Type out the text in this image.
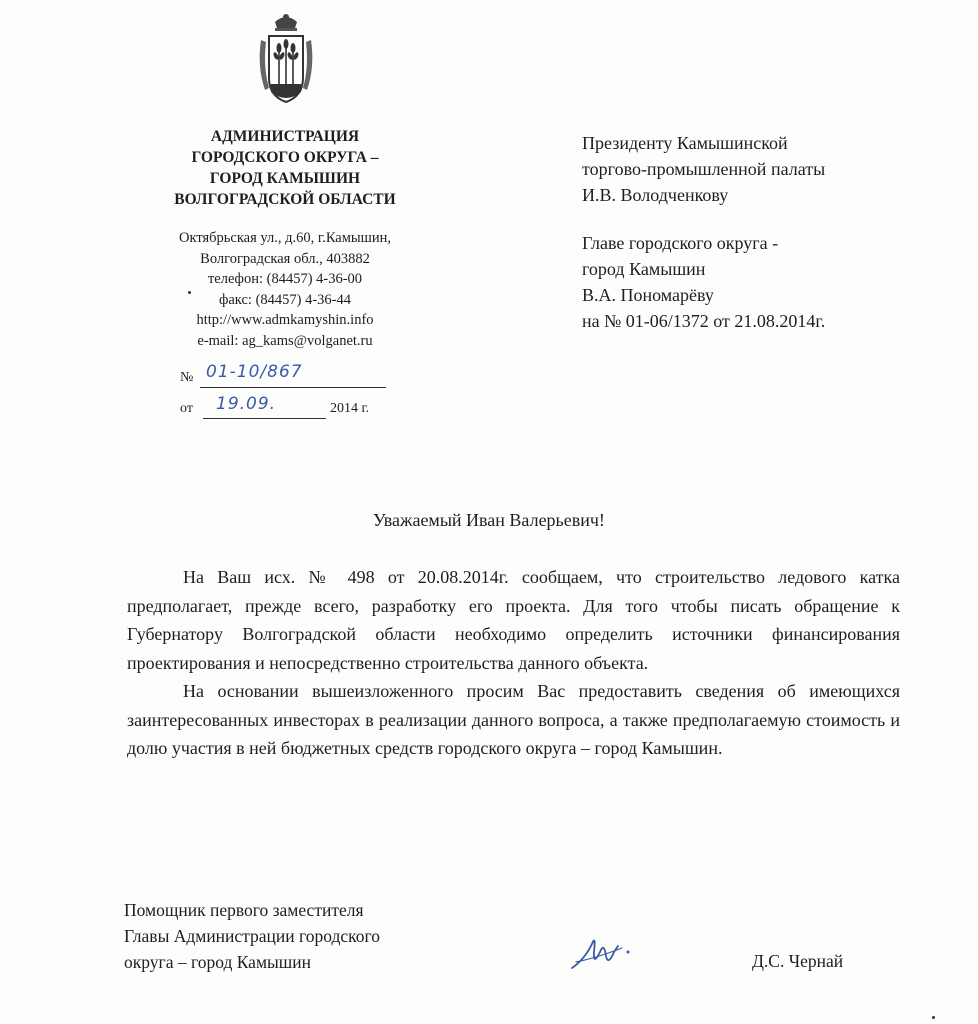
АДМИНИСТРАЦИЯ
ГОРОДСКОГО ОКРУГА –
ГОРОД КАМЫШИН
ВОЛГОГРАДСКОЙ ОБЛАСТИ
Октябрьская ул., д.60, г.Камышин,
Волгоградская обл., 403882
телефон: (84457) 4-36-00
факс: (84457) 4-36-44
http://www.admkamyshin.info
e-mail: ag_kams@volganet.ru
№ 01-10/867
от 19.09.	2014 г.
Президенту Камышинской
торгово-промышленной палаты
И.В. Володченкову
Главе городского округа -
город Камышин
В.А. Пономарёву
на № 01-06/1372 от 21.08.2014г.
Уважаемый Иван Валерьевич!

На Ваш исх. № 498 от 20.08.2014г. сообщаем, что строительство ледового катка предполагает, прежде всего, разработку его проекта. Для того чтобы писать обращение к Губернатору Волгоградской области необходимо определить источники финансирования проектирования и непосредственно строительства данного объекта.

На основании вышеизложенного просим Вас предоставить сведения об имеющихся заинтересованных инвесторах в реализации данного вопроса, а также предполагаемую стоимость и долю участия в ней бюджетных средств городского округа – город Камышин.

Помощник первого заместителя
Главы Администрации городского
округа – город Камышин	Д.С. Чернай
